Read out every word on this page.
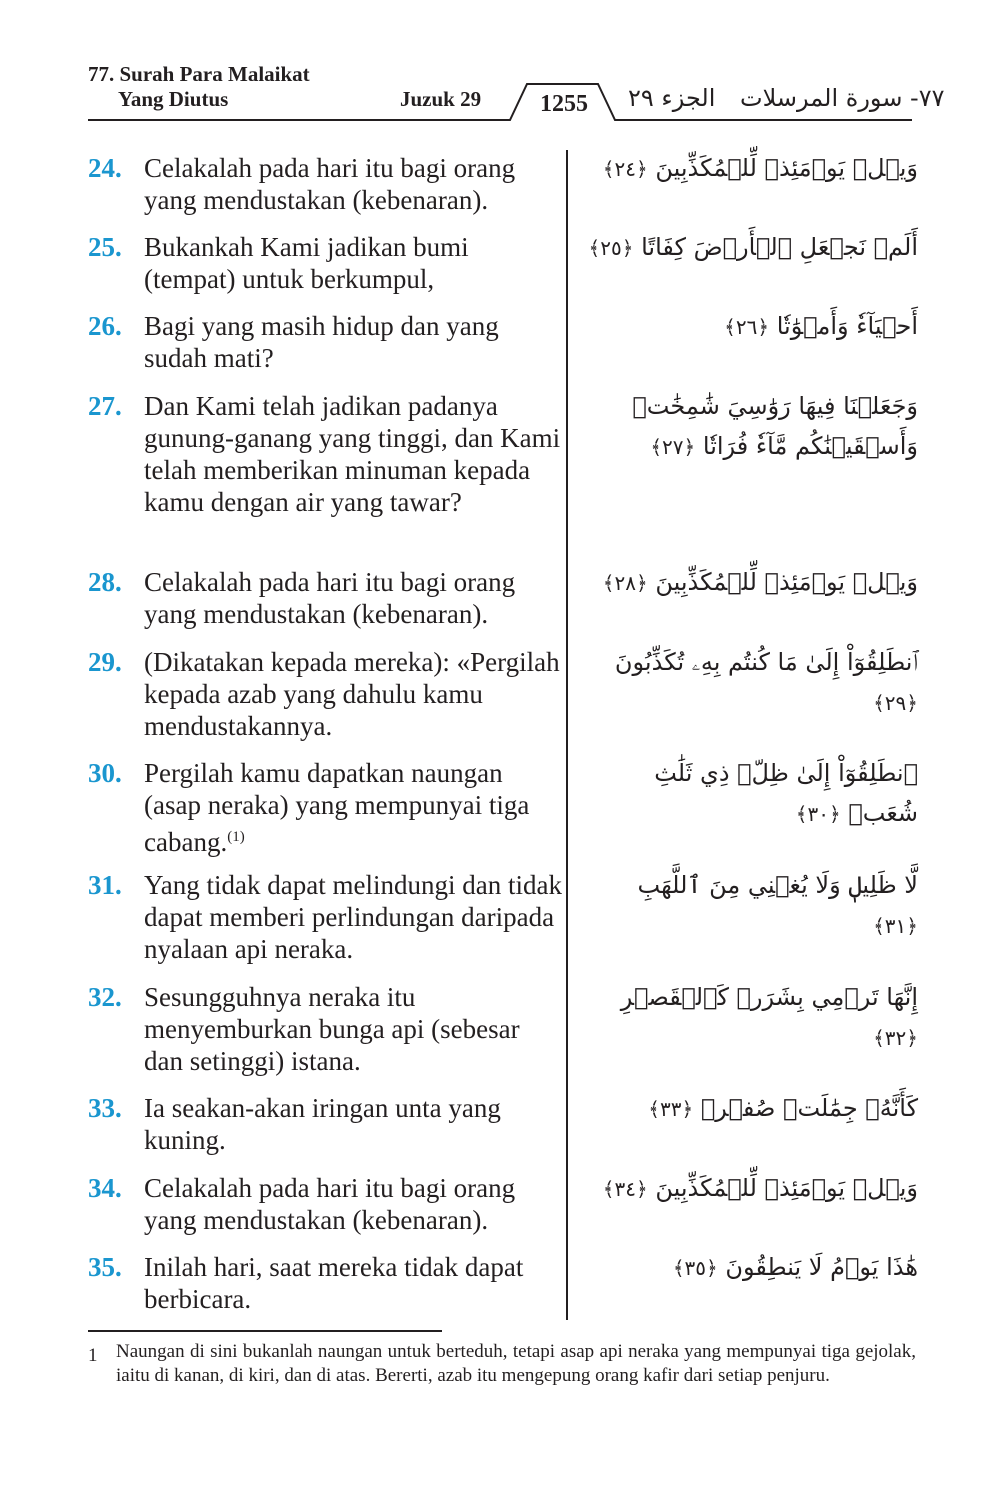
77. Surah Para Malaikat
Yang Diutus	Juzuk 29 1255 الجزء ٢٩ ٧٧- سورة المرسلات
24. Celakalah pada hari itu bagi orang yang mendustakan (kebenaran).
وَيۡلٞ يَوۡمَئِذٖ لِّلۡمُكَذِّبِينَ ﴿٢٤﴾
25. Bukankah Kami jadikan bumi (tempat) untuk berkumpul,
أَلَمۡ نَجۡعَلِ ٱلۡأَرۡضَ كِفَاتًا ﴿٢٥﴾
26. Bagi yang masih hidup dan yang sudah mati?
أَحۡيَآءٗ وَأَمۡوَٰتٗا ﴿٢٦﴾
27. Dan Kami telah jadikan padanya gunung-ganang yang tinggi, dan Kami telah memberikan minuman kepada kamu dengan air yang tawar?
وَجَعَلۡنَا فِيهَا رَوَٰسِيَ شَٰمِخَٰتٖ وَأَسۡقَيۡنَٰكُم مَّآءٗ فُرَاتٗا ﴿٢٧﴾
28. Celakalah pada hari itu bagi orang yang mendustakan (kebenaran).
وَيۡلٞ يَوۡمَئِذٖ لِّلۡمُكَذِّبِينَ ﴿٢٨﴾
29. (Dikatakan kepada mereka): «Pergilah kepada azab yang dahulu kamu mendustakannya.
ٱنطَلِقُوٓاْ إِلَىٰ مَا كُنتُم بِهِۦ تُكَذِّبُونَ ﴿٢٩﴾
30. Pergilah kamu dapatkan naungan (asap neraka) yang mempunyai tiga cabang.$^{(1)}$
ٱنطَلِقُوٓاْ إِلَىٰ ظِلّٖ ذِي ثَلَٰثِ شُعَبٖ ﴿٣٠﴾
31. Yang tidak dapat melindungi dan tidak dapat memberi perlindungan daripada nyalaan api neraka.
لَّا ظَلِيلٖ وَلَا يُغۡنِي مِنَ ٱللَّهَبِ ﴿٣١﴾
32. Sesungguhnya neraka itu menyemburkan bunga api (sebesar dan setinggi) istana.
إِنَّهَا تَرۡمِي بِشَرَرٖ كَٱلۡقَصۡرِ ﴿٣٢﴾
33. Ia seakan-akan iringan unta yang kuning.
كَأَنَّهُۥ جِمَٰلَتٞ صُفۡرٞ ﴿٣٣﴾
34. Celakalah pada hari itu bagi orang yang mendustakan (kebenaran).
وَيۡلٞ يَوۡمَئِذٖ لِّلۡمُكَذِّبِينَ ﴿٣٤﴾
35. Inilah hari, saat mereka tidak dapat berbicara.
هَٰذَا يَوۡمُ لَا يَنطِقُونَ ﴿٣٥﴾
1 Naungan di sini bukanlah naungan untuk berteduh, tetapi asap api neraka yang mempunyai tiga gejolak, iaitu di kanan, di kiri, dan di atas. Bererti, azab itu mengepung orang kafir dari setiap penjuru.
